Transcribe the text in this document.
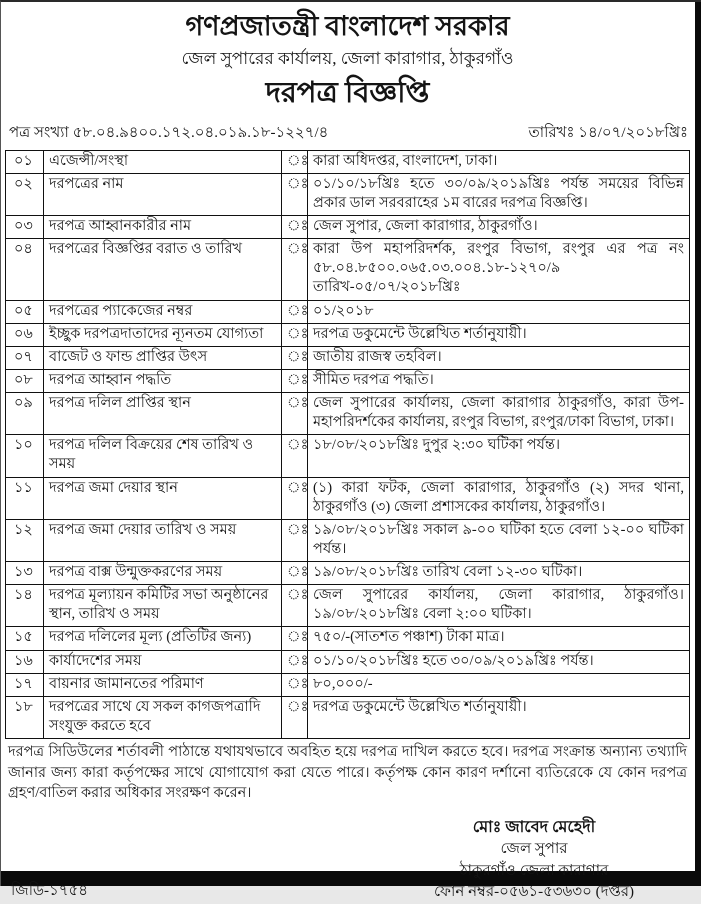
গণপ্রজাতন্ত্রী বাংলাদেশ সরকার
জেল সুপারের কার্যালয়, জেলা কারাগার, ঠাকুরগাঁও
দরপত্র বিজ্ঞপ্তি
পত্র সংখ্যা ৫৮.০৪.৯৪০০.১৭২.০৪.০১৯.১৮-১২২৭/৪	তারিখঃ ১৪/০৭/২০১৮খ্রিঃ
০১	এজেন্সী/সংস্থা	ঃ	কারা অধিদপ্তর, বাংলাদেশ, ঢাকা।
০২	দরপত্রের নাম	ঃ	০১/১০/১৮খ্রিঃ হতে ৩০/০৯/২০১৯খ্রিঃ পর্যন্ত সময়ের বিভিন্ন প্রকার ডাল সরবরাহের ১ম বারের দরপত্র বিজ্ঞপ্তি।
০৩	দরপত্র আহ্বানকারীর নাম	ঃ	জেল সুপার, জেলা কারাগার, ঠাকুরগাঁও।
০৪	দরপত্রের বিজ্ঞপ্তির বরাত ও তারিখ	ঃ	কারা উপ মহাপরিদর্শক, রংপুর বিভাগ, রংপুর এর পত্র নং ৫৮.০৪.৮৫০০.০৬৫.০৩.০০৪.১৮-১২৭০/৯ তারিখ-০৫/০৭/২০১৮খ্রিঃ
০৫	দরপত্রের প্যাকেজের নম্বর	ঃ	০১/২০১৮
০৬	ইচ্ছুক দরপত্রদাতাদের ন্যূনতম যোগ্যতা	ঃ	দরপত্র ডকুমেন্টে উল্লেখিত শর্তানুযায়ী।
০৭	বাজেট ও ফান্ড প্রাপ্তির উৎস	ঃ	জাতীয় রাজস্ব তহবিল।
০৮	দরপত্র আহ্বান পদ্ধতি	ঃ	সীমিত দরপত্র পদ্ধতি।
০৯	দরপত্র দলিল প্রাপ্তির স্থান	ঃ	জেল সুপারের কার্যালয়, জেলা কারাগার ঠাকুরগাঁও, কারা উপ-মহাপরিদর্শকের কার্যালয়, রংপুর বিভাগ, রংপুর/ঢাকা বিভাগ, ঢাকা।
১০	দরপত্র দলিল বিক্রয়ের শেষ তারিখ ও সময়	ঃ	১৮/০৮/২০১৮খ্রিঃ দুপুর ২:৩০ ঘটিকা পর্যন্ত।
১১	দরপত্র জমা দেয়ার স্থান	ঃ	(১) কারা ফটক, জেলা কারাগার, ঠাকুরগাঁও (২) সদর থানা, ঠাকুরগাঁও (৩) জেলা প্রশাসকের কার্যালয়, ঠাকুরগাঁও।
১২	দরপত্র জমা দেয়ার তারিখ ও সময়	ঃ	১৯/০৮/২০১৮খ্রিঃ সকাল ৯-০০ ঘটিকা হতে বেলা ১২-০০ ঘটিকা পর্যন্ত।
১৩	দরপত্র বাক্স উন্মুক্তকরণের সময়	ঃ	১৯/০৮/২০১৮খ্রিঃ তারিখ বেলা ১২-৩০ ঘটিকা।
১৪	দরপত্র মূল্যায়ন কমিটির সভা অনুষ্ঠানের স্থান, তারিখ ও সময়	ঃ	জেল সুপারের কার্যালয়, জেলা কারাগার, ঠাকুরগাঁও। ১৯/০৮/২০১৮খ্রিঃ বেলা ২:০০ ঘটিকা।
১৫	দরপত্র দলিলের মূল্য (প্রতিটির জন্য)	ঃ	৭৫০/-(সাতশত পঞ্চাশ) টাকা মাত্র।
১৬	কার্যাদেশের সময়	ঃ	০১/১০/২০১৮খ্রিঃ হতে ৩০/০৯/২০১৯খ্রিঃ পর্যন্ত।
১৭	বায়নার জামানতের পরিমাণ	ঃ	৮০,০০০/-
১৮	দরপত্রের সাথে যে সকল কাগজপত্রাদি সংযুক্ত করতে হবে	ঃ	দরপত্র ডকুমেন্টে উল্লেখিত শর্তানুযায়ী।

দরপত্র সিডিউলের শর্তাবলী পাঠান্তে যথাযথভাবে অবহিত হয়ে দরপত্র দাখিল করতে হবে। দরপত্র সংক্রান্ত অন্যান্য তথ্যাদি জানার জন্য কারা কর্তৃপক্ষের সাথে যোগাযোগ করা যেতে পারে। কর্তৃপক্ষ কোন কারণ দর্শানো ব্যতিরেকে যে কোন দরপত্র গ্রহণ/বাতিল করার অধিকার সংরক্ষণ করেন।

জিডি-১৭৫৪
মোঃ জাবেদ মেহেদী
জেল সুপার
ঠাকুরগাঁও জেলা কারাগার
ফোন নম্বর-০৫৬১-৫৩৬৩০ (দপ্তর)
